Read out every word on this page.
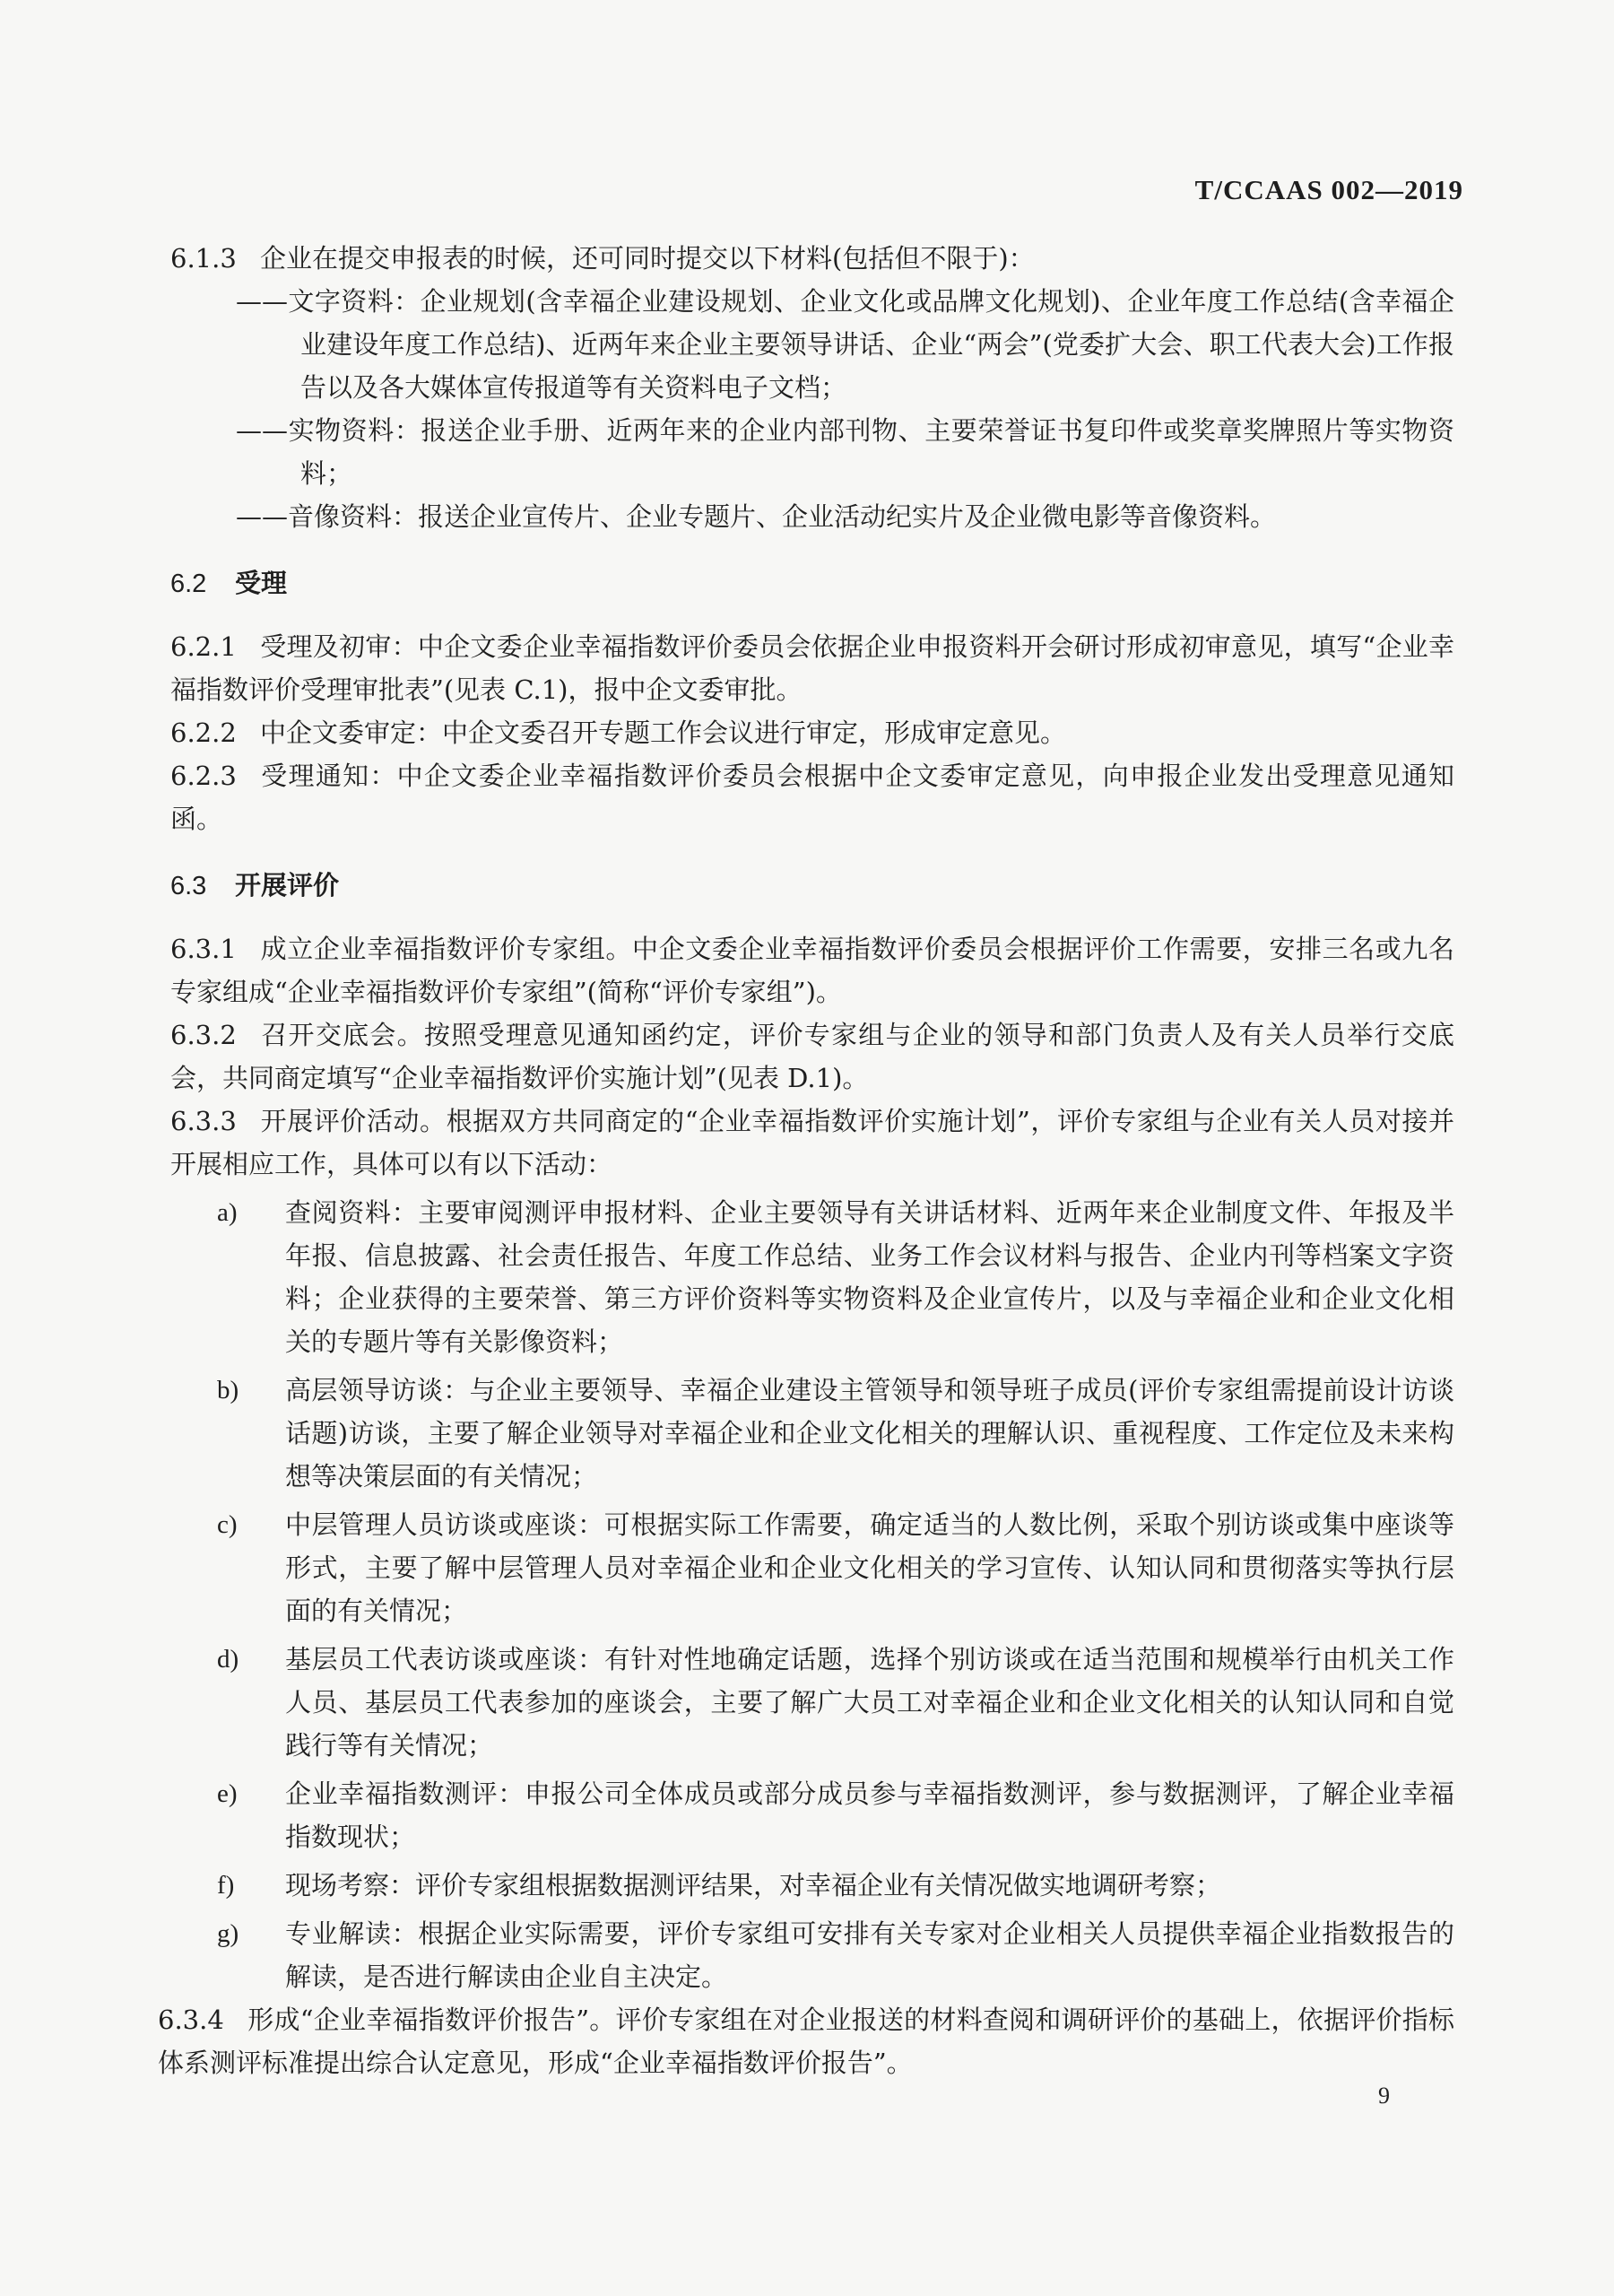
T/CCAAS 002—2019

6.1.3 企业在提交申报表的时候，还可同时提交以下材料(包括但不限于)：

——文字资料：企业规划(含幸福企业建设规划、企业文化或品牌文化规划)、企业年度工作总结(含幸福企业建设年度工作总结)、近两年来企业主要领导讲话、企业“两会”(党委扩大会、职工代表大会)工作报告以及各大媒体宣传报道等有关资料电子文档；

——实物资料：报送企业手册、近两年来的企业内部刊物、主要荣誉证书复印件或奖章奖牌照片等实物资料；

——音像资料：报送企业宣传片、企业专题片、企业活动纪实片及企业微电影等音像资料。

6.2 受理

6.2.1 受理及初审：中企文委企业幸福指数评价委员会依据企业申报资料开会研讨形成初审意见，填写“企业幸福指数评价受理审批表”(见表 C.1)，报中企文委审批。

6.2.2 中企文委审定：中企文委召开专题工作会议进行审定，形成审定意见。

6.2.3 受理通知：中企文委企业幸福指数评价委员会根据中企文委审定意见，向申报企业发出受理意见通知函。

6.3 开展评价

6.3.1 成立企业幸福指数评价专家组。中企文委企业幸福指数评价委员会根据评价工作需要，安排三名或九名专家组成“企业幸福指数评价专家组”(简称“评价专家组”)。

6.3.2 召开交底会。按照受理意见通知函约定，评价专家组与企业的领导和部门负责人及有关人员举行交底会，共同商定填写“企业幸福指数评价实施计划”(见表 D.1)。

6.3.3 开展评价活动。根据双方共同商定的“企业幸福指数评价实施计划”，评价专家组与企业有关人员对接并开展相应工作，具体可以有以下活动：

a) 查阅资料：主要审阅测评申报材料、企业主要领导有关讲话材料、近两年来企业制度文件、年报及半年报、信息披露、社会责任报告、年度工作总结、业务工作会议材料与报告、企业内刊等档案文字资料；企业获得的主要荣誉、第三方评价资料等实物资料及企业宣传片，以及与幸福企业和企业文化相关的专题片等有关影像资料；

b) 高层领导访谈：与企业主要领导、幸福企业建设主管领导和领导班子成员(评价专家组需提前设计访谈话题)访谈，主要了解企业领导对幸福企业和企业文化相关的理解认识、重视程度、工作定位及未来构想等决策层面的有关情况；

c) 中层管理人员访谈或座谈：可根据实际工作需要，确定适当的人数比例，采取个别访谈或集中座谈等形式，主要了解中层管理人员对幸福企业和企业文化相关的学习宣传、认知认同和贯彻落实等执行层面的有关情况；

d) 基层员工代表访谈或座谈：有针对性地确定话题，选择个别访谈或在适当范围和规模举行由机关工作人员、基层员工代表参加的座谈会，主要了解广大员工对幸福企业和企业文化相关的认知认同和自觉践行等有关情况；

e) 企业幸福指数测评：申报公司全体成员或部分成员参与幸福指数测评，参与数据测评，了解企业幸福指数现状；

f) 现场考察：评价专家组根据数据测评结果，对幸福企业有关情况做实地调研考察；

g) 专业解读：根据企业实际需要，评价专家组可安排有关专家对企业相关人员提供幸福企业指数报告的解读，是否进行解读由企业自主决定。

6.3.4 形成“企业幸福指数评价报告”。评价专家组在对企业报送的材料查阅和调研评价的基础上，依据评价指标体系测评标准提出综合认定意见，形成“企业幸福指数评价报告”。

9
